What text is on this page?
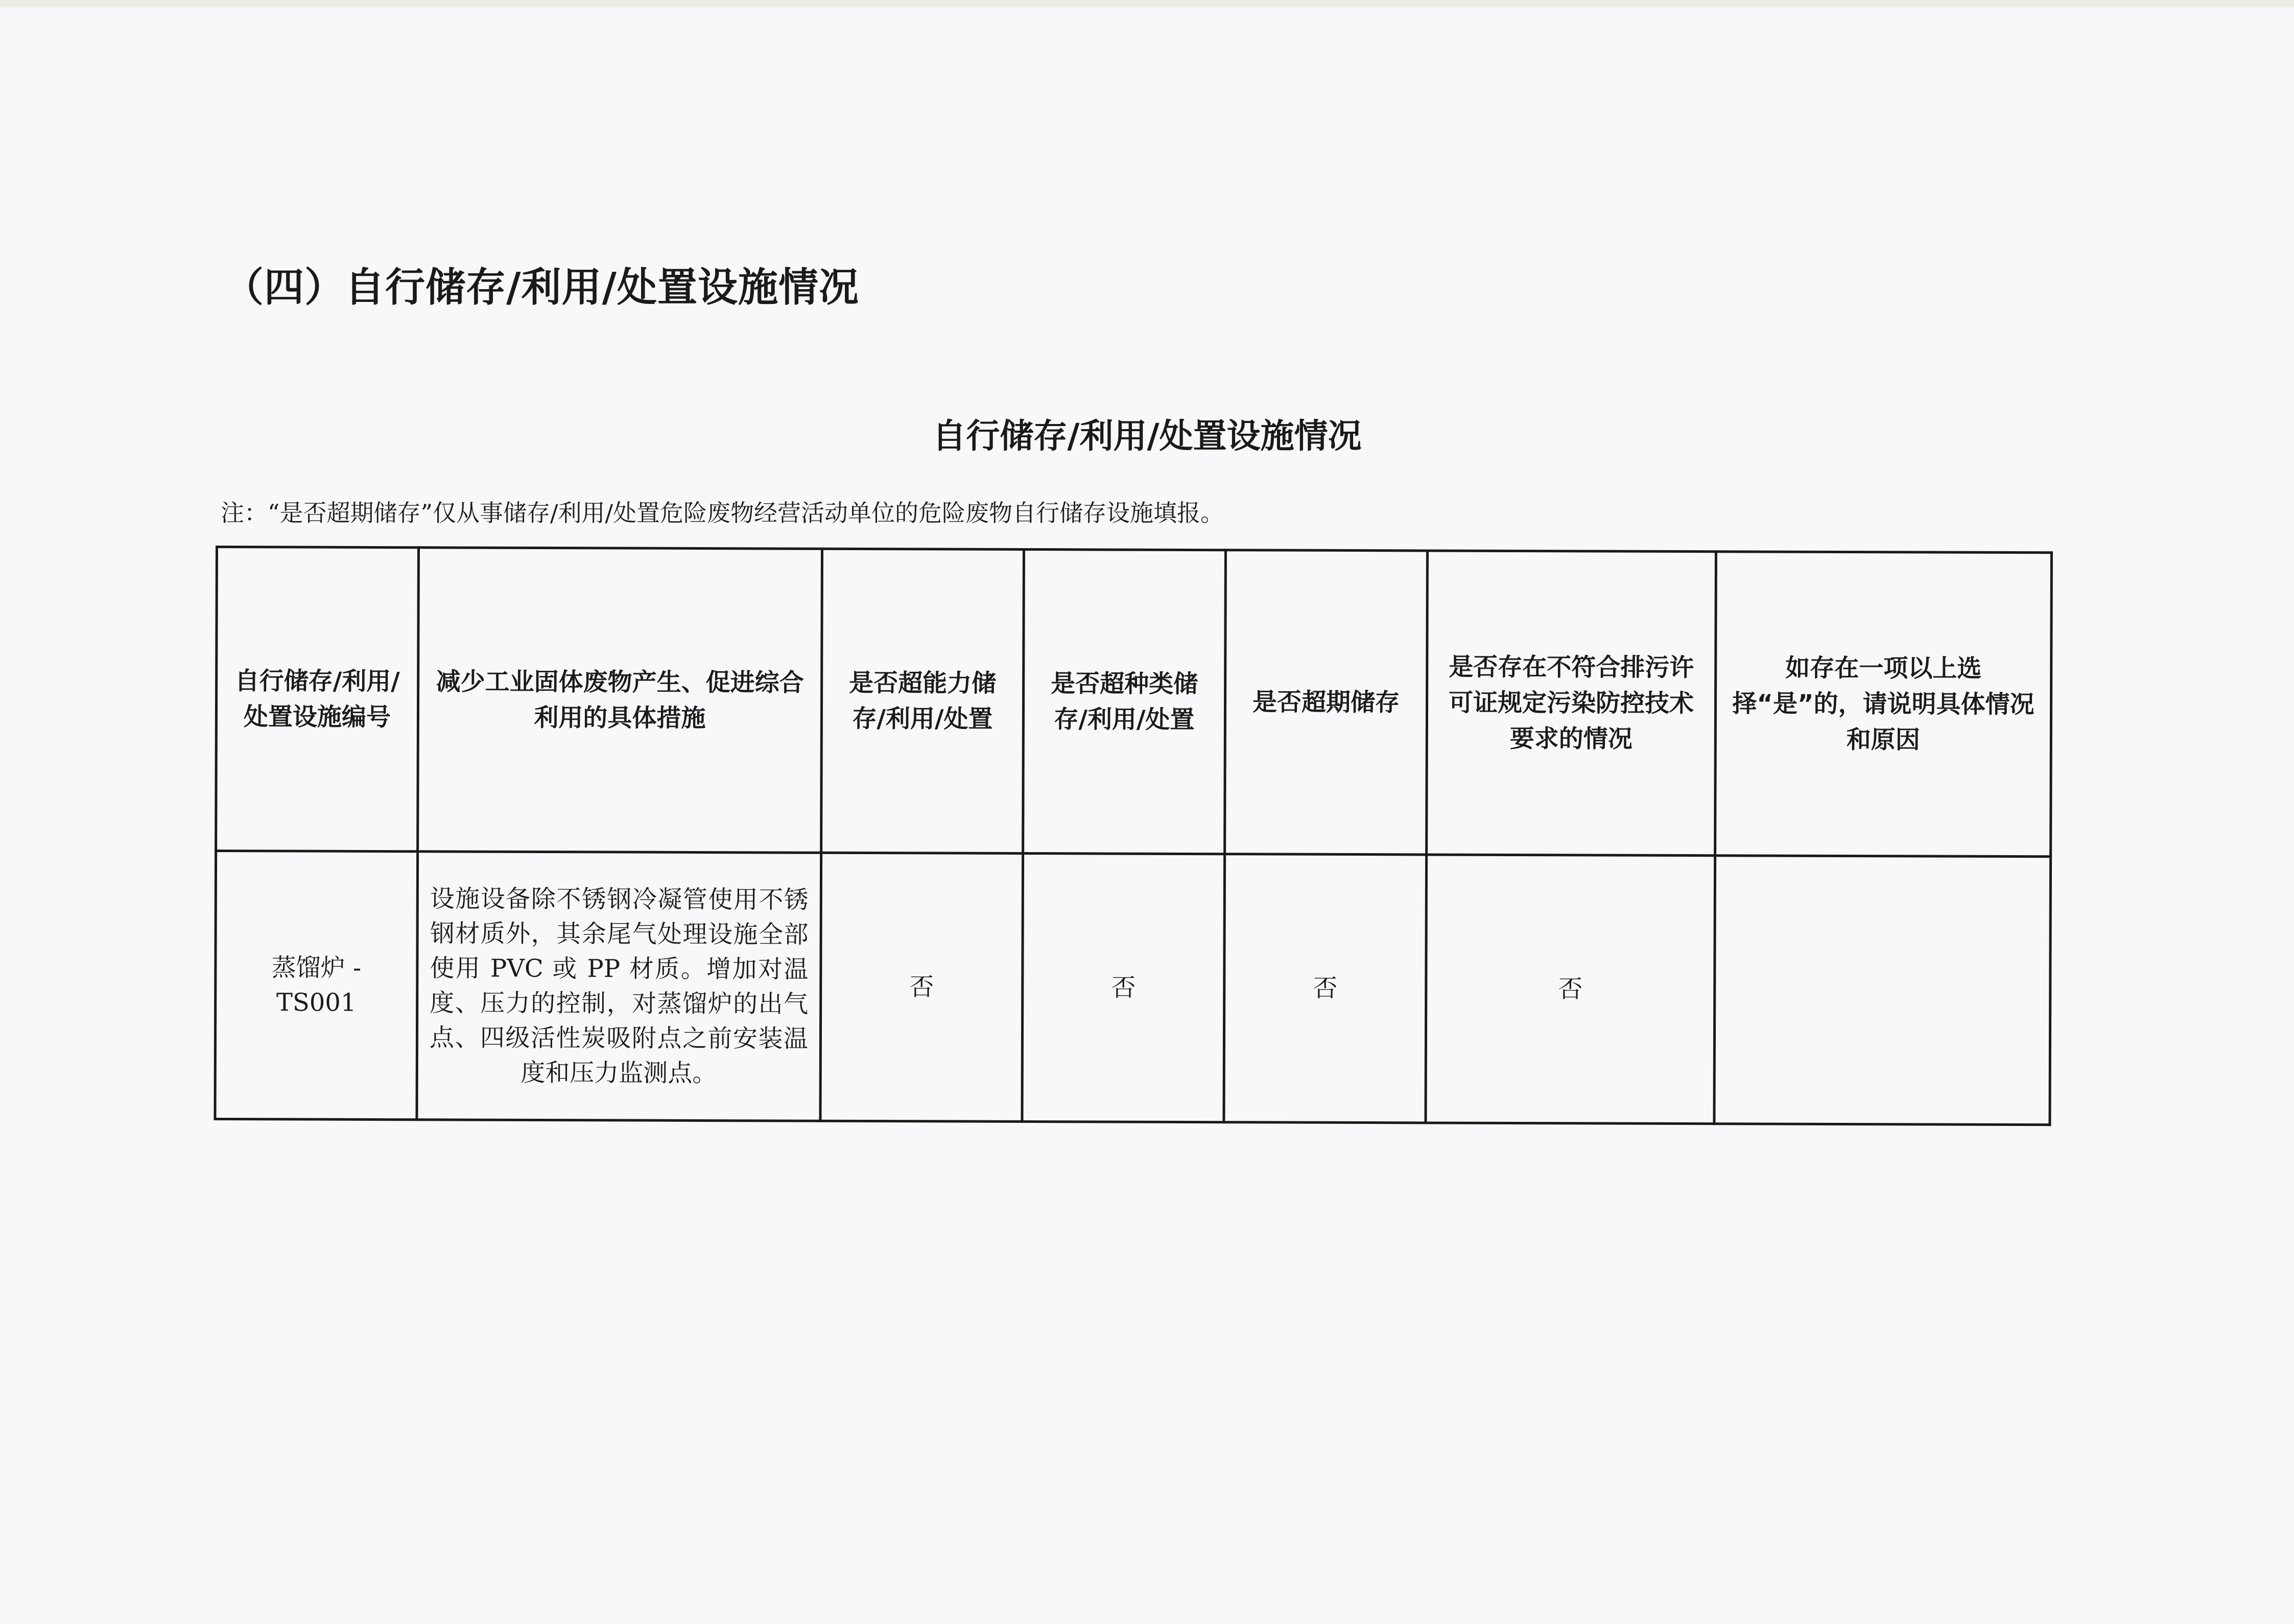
（四）自行储存/利用/处置设施情况
自行储存/利用/处置设施情况
注：“是否超期储存”仅从事储存/利用/处置危险废物经营活动单位的危险废物自行储存设施填报。
自行储存/利用/处置设施编号	减少工业固体废物产生、促进综合利用的具体措施	是否超能力储存/利用/处置	是否超种类储存/利用/处置	是否超期储存	是否存在不符合排污许可证规定污染防控技术要求的情况	如存在一项以上选择“是”的，请说明具体情况和原因
蒸馏炉 - TS001	设施设备除不锈钢冷凝管使用不锈钢材质外，其余尾气处理设施全部使用 PVC 或 PP 材质。增加对温度、压力的控制，对蒸馏炉的出气点、四级活性炭吸附点之前安装温度和压力监测点。	否	否	否	否	
